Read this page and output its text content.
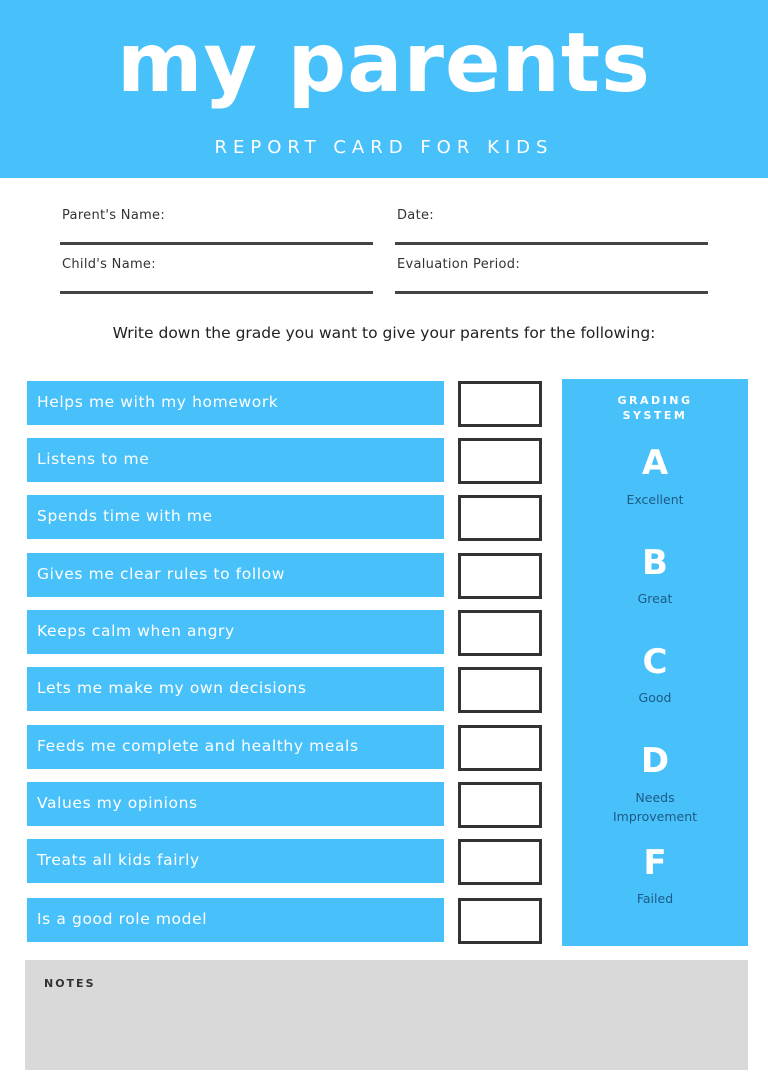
my parents
REPORT CARD FOR KIDS
Parent's Name:	Date:
Child's Name:	Evaluation Period:
Write down the grade you want to give your parents for the following:
Helps me with my homework
Listens to me
Spends time with me
Gives me clear rules to follow
Keeps calm when angry
Lets me make my own decisions
Feeds me complete and healthy meals
Values my opinions
Treats all kids fairly
Is a good role model
GRADING
SYSTEM
A
Excellent
B
Great
C
Good
D
Needs
Improvement
F
Failed
NOTES
